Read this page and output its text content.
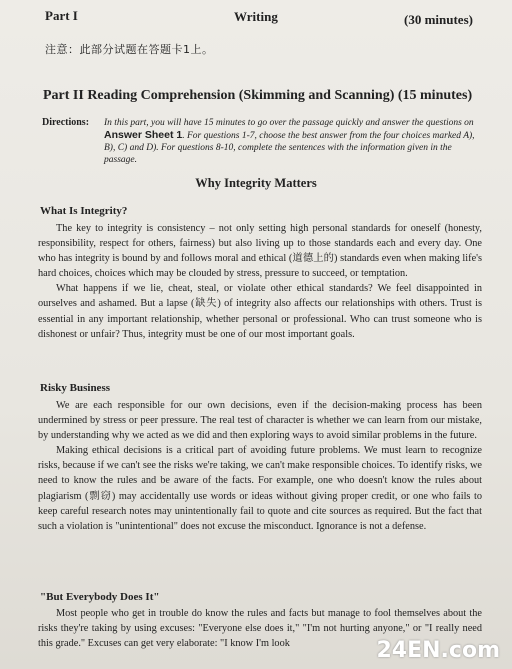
Part I	Writing	(30 minutes)
注意：此部分试题在答题卡1上。
Part II Reading Comprehension (Skimming and Scanning) (15 minutes)
Directions: In this part, you will have 15 minutes to go over the passage quickly and answer the questions on Answer Sheet 1. For questions 1-7, choose the best answer from the four choices marked A), B), C) and D). For questions 8-10, complete the sentences with the information given in the passage.
Why Integrity Matters
What Is Integrity?

The key to integrity is consistency – not only setting high personal standards for oneself (honesty, responsibility, respect for others, fairness) but also living up to those standards each and every day. One who has integrity is bound by and follows moral and ethical (道德上的) standards even when making life's hard choices, choices which may be clouded by stress, pressure to succeed, or temptation.

What happens if we lie, cheat, steal, or violate other ethical standards? We feel disappointed in ourselves and ashamed. But a lapse (缺失) of integrity also affects our relationships with others. Trust is essential in any important relationship, whether personal or professional. Who can trust someone who is dishonest or unfair? Thus, integrity must be one of our most important goals.

Risky Business

We are each responsible for our own decisions, even if the decision-making process has been undermined by stress or peer pressure. The real test of character is whether we can learn from our mistake, by understanding why we acted as we did and then exploring ways to avoid similar problems in the future.

Making ethical decisions is a critical part of avoiding future problems. We must learn to recognize risks, because if we can't see the risks we're taking, we can't make responsible choices. To identify risks, we need to know the rules and be aware of the facts. For example, one who doesn't know the rules about plagiarism (剽窃) may accidentally use words or ideas without giving proper credit, or one who fails to keep careful research notes may unintentionally fail to quote and cite sources as required. But the fact that such a violation is "unintentional" does not excuse the misconduct. Ignorance is not a defense.

"But Everybody Does It"

Most people who get in trouble do know the rules and facts but manage to fool themselves about the risks they're taking by using excuses: "Everyone else does it," "I'm not hurting anyone," or "I really need this grade." Excuses can get very elaborate: "I know I'm look	24EN.com
